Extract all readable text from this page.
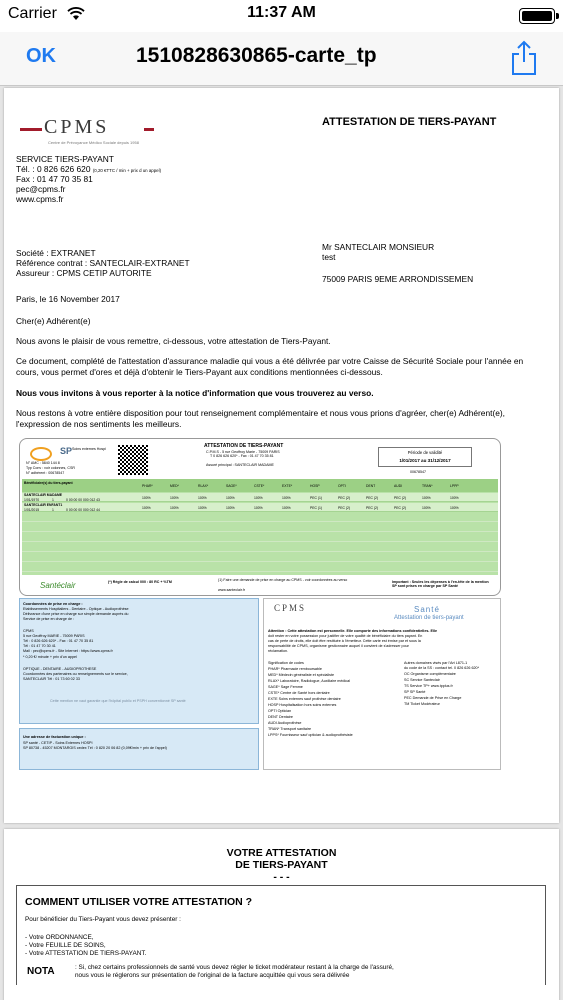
Carrier	11:37 AM
OK	1510828630865-carte_tp
CPMS
Centre de Prévoyance Médico Sociale depuis 1958
ATTESTATION DE TIERS-PAYANT
SERVICE TIERS-PAYANT
Tél. : 0 826 626 620 (0,20 €TTC / min + prix d un appel)
Fax : 01 47 70 35 81
pec@cpms.fr
www.cpms.fr
Société : EXTRANET
Référence contrat : SANTECLAIR-EXTRANET
Assureur : CPMS CETIP AUTORITE
Mr SANTECLAIR MONSIEUR
test
75009 PARIS 9EME ARRONDISSEMEN
Paris, le 16 November 2017
Cher(e) Adhérent(e)
Nous avons le plaisir de vous remettre, ci-dessous, votre attestation de Tiers-Payant.
Ce document, complété de l'attestation d'assurance maladie qui vous a été délivrée par votre Caisse de Sécurité Sociale pour l'année en cours, vous permet d'ores et déjà d'obtenir le Tiers-Payant aux conditions mentionnées ci-dessous.
Nous vous invitons à vous reporter à la notice d'information que vous trouverez au verso.
Nous restons à votre entière disposition pour tout renseignement complémentaire et nous vous prions d'agréer, cher(e) Adhérent(e), l'expression de nos sentiments les meilleurs.
SP Soins externes Hospi
N° AMC : 5840 144 8
Typ Conv : voir colonnes, CSR
N° adhérent : 00678547
ATTESTATION DE TIERS-PAYANT
C.P.M.S - 5 rue Geoffroy Marie - 75009 PARIS
T 0 826 626 620* - Fax : 01 47 70 35 81
Assuré principal : SANTECLAIR MADAME
Période de validité
1/01/2017 au 31/12/2017
00678547
Bénéficiaire(s) du tiers-payant
PHAR*	MED*	RLAX*	SAGE*	CSTE*	EXTE*	HOSP	OPTI	DENT	AUDI	TRAN*	LPPP
SANTECLAIR MADAME
1/01/1970	1	0 00 00 00 000 012 43	100%	100%	100%	100%	100%	100%	PEC (1)	PEC (2)	PEC (2)	PEC (2)	100%	100%
SANTECLAIR ENFANT1
1/01/2015	1	0 00 00 00 000 012 44	100%	100%	100%	100%	100%	100%	PEC (1)	PEC (2)	PEC (2)	PEC (2)	100%	100%
Santéclair	(*) Règle de calcul 000 : 80 RC + %TM	(1) Faire une demande de prise en charge au CPMS - voir coordonnées au verso
www.santeclair.fr
Important : Seules les dépenses à l'en-tête de la mention SP sont prises en charge par SP Santé
Coordonnées de prise en charge :
Etablissements Hospitaliers - Dentaire - Optique - Audioprothèse
Délivrance d'une prise en charge sur simple demande auprès du
Service de prise en charge de :
CPMS
5 rue Geoffroy MARIE - 75009 PARIS
Tél : 0 826 626 620* - Fax : 01 47 70 35 81
Tél : 01 47 70 30 41
Mail : pec@cpms.fr - Site Internet : https://www.cpms.fr
* 0,20 €/ minute + prix d'un appel
OPTIQUE - DENTAIRE - AUDIOPROTHESE
Coordonnées des partenaires ou renseignements sur le service,
SANTECLAIR Tél : 01 73 60 02 33
Cette mention ne vaut garantie que l'hôpital public et PSPH conventionné SP santé
Une adresse de facturation unique :
SP santé - CETIP - Soins Externes HOSPI
SP 80738 - 45207 MONTARGIS cedex Tél : 0 820 20 06 82 (0,09€/min + prix de l'appel)
CPMS	Santé
Attestation de tiers-payant
Attention : Cette attestation est personnelle. Elle comporte des informations confidentielles. Elle
doit rester en votre possession pour justifier de votre qualité de bénéficiaire du tiers payant. En
cas de perte de droits, elle doit être restituée à l'émetteur. Cette carte est émise par et sous la
responsabilité de CPMS, organisme gestionnaire auquel il convient de s'adresser pour
réclamation.
Signification de codes
PHAR* Pharmacie remboursable
MED* Médecin généraliste et spécialiste
RLAX* Laboratoire, Radiologue, Auxiliaire médical
SAGE* Sage Femme
CSTE* Centre de Santé hors dentaire
EXTE Soins externes sauf prothèse dentaire
HOSP Hospitalisation hors soins externes
OPTI Optician
DENT Dentaire
AUDI Audioprothèse
TRAN* Transport sanitaire
LPPS* Fournisseur sauf optician & audioprothésiste
Autres domaines visés par l'Art L871-1
du code de la SS : contact tel. 0 826 626 620*
OC Organisme complémentaire
SC Service Santeclair
TS Service TP+ www.tpplus.fr
SP SP Santé
PEC Demande de Prise en Charge
TM Ticket Modérateur
VOTRE ATTESTATION
DE TIERS-PAYANT
- - -
COMMENT UTILISER VOTRE ATTESTATION ?
Pour bénéficier du Tiers-Payant vous devez présenter :
- Votre ORDONNANCE,
- Votre FEUILLE DE SOINS,
- Votre ATTESTATION DE TIERS-PAYANT.
NOTA	: Si, chez certains professionnels de santé vous devez régler le ticket modérateur restant à la charge de l'assuré,
nous vous le réglerons sur présentation de l'original de la facture acquittée qui vous sera délivrée
